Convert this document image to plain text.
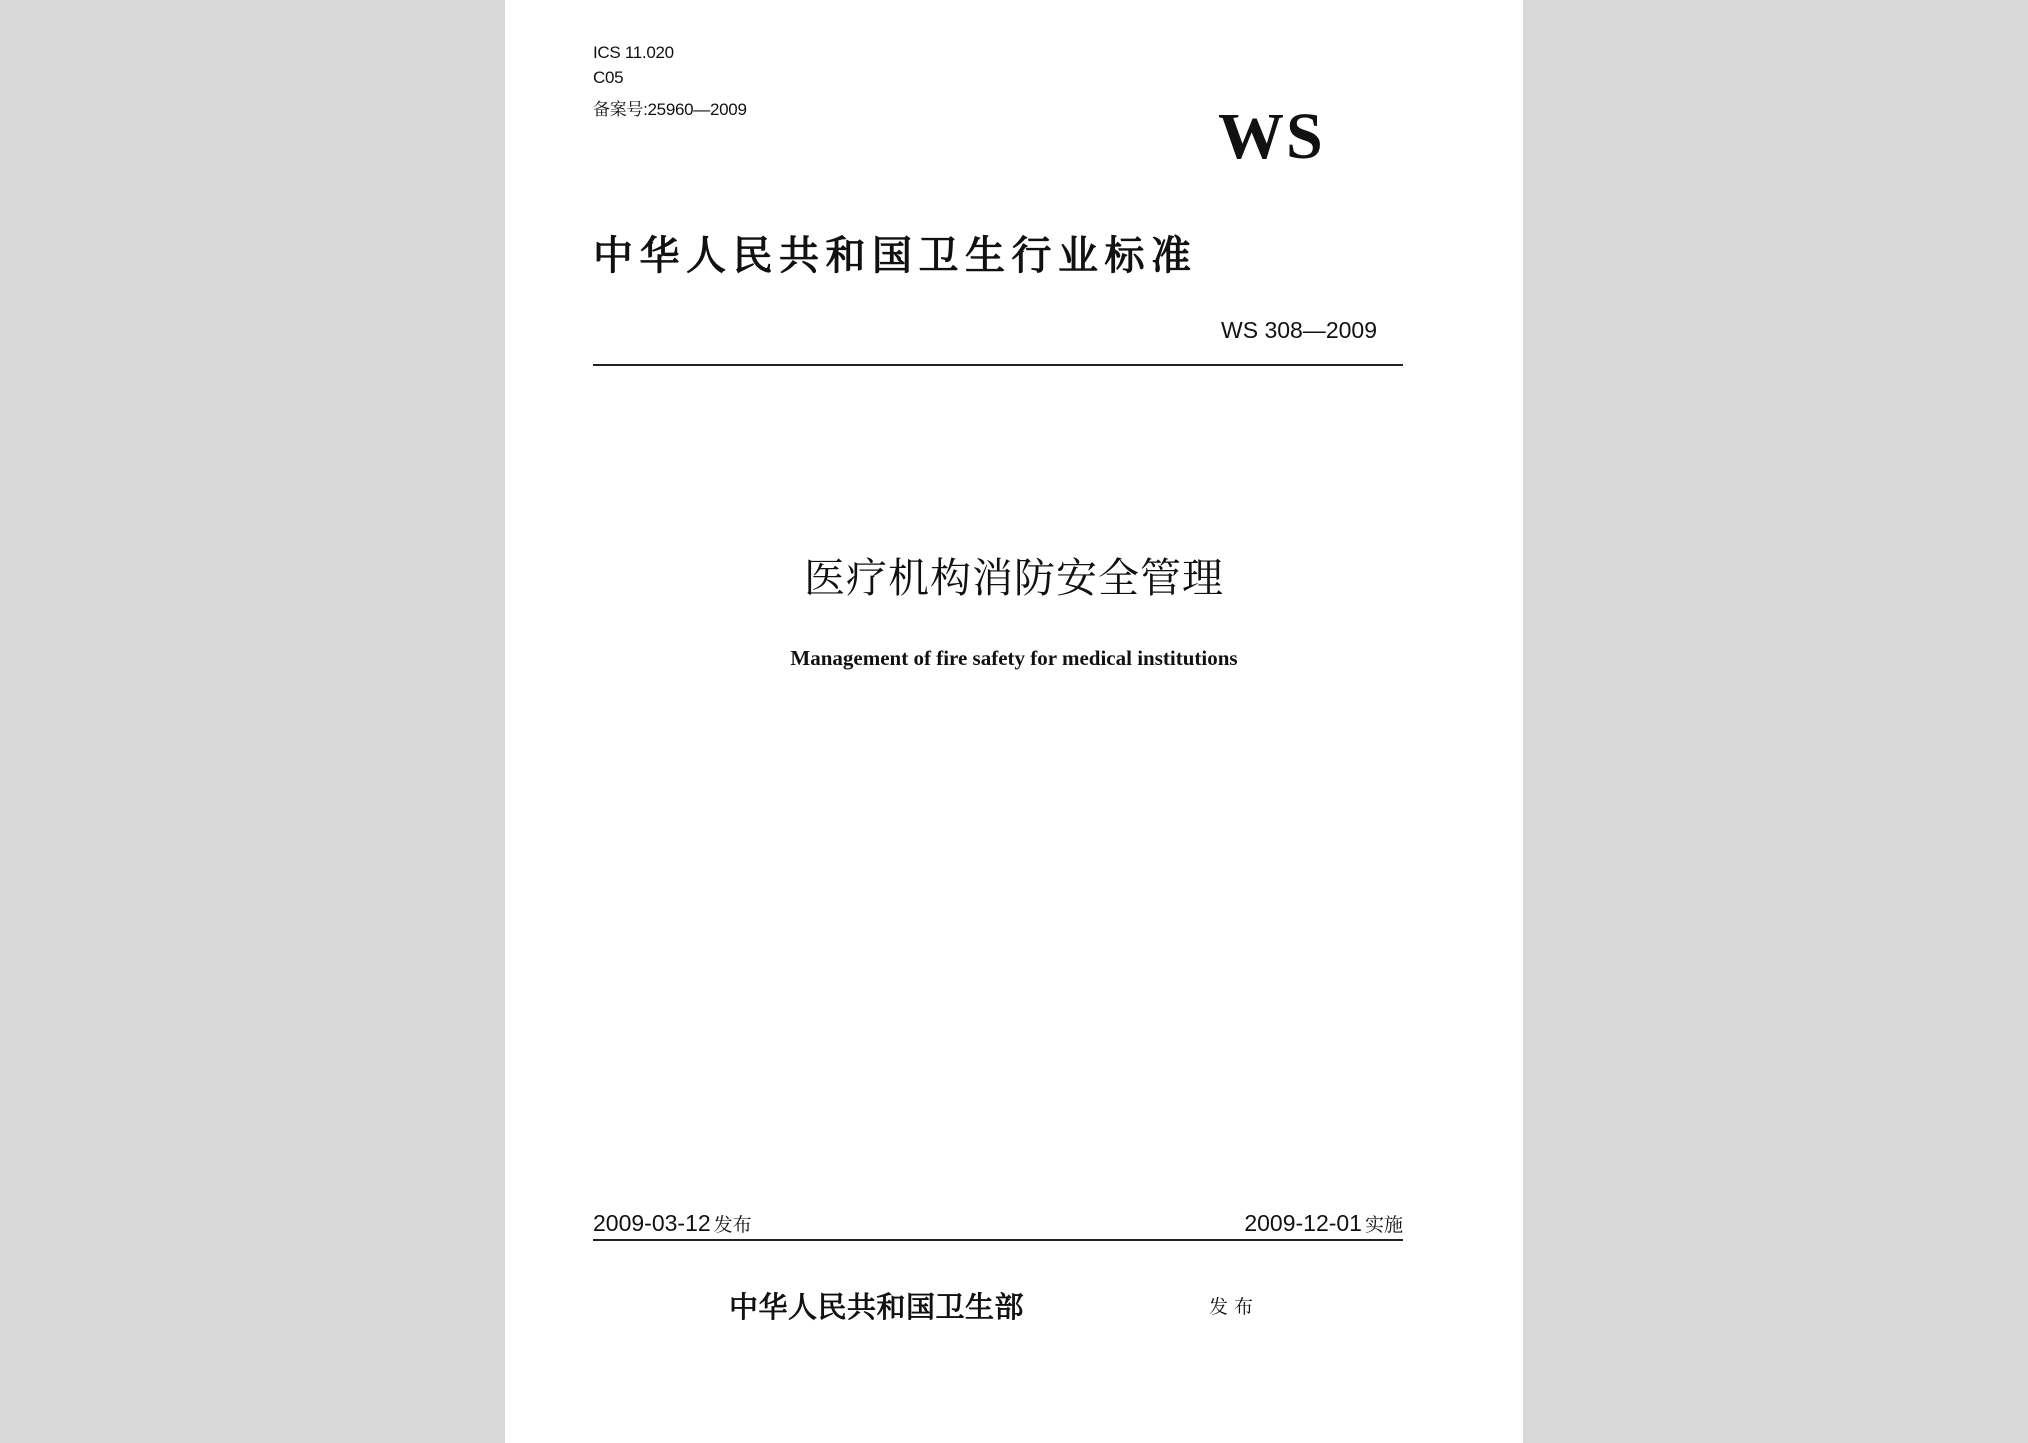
ICS 11.020

C05

备案号:25960—2009	WS

中华人民共和国卫生行业标准

WS 308—2009

医疗机构消防安全管理

Management of fire safety for medical institutions

2009-03-12 发布	2009-12-01 实施

中华人民共和国卫生部	发布
